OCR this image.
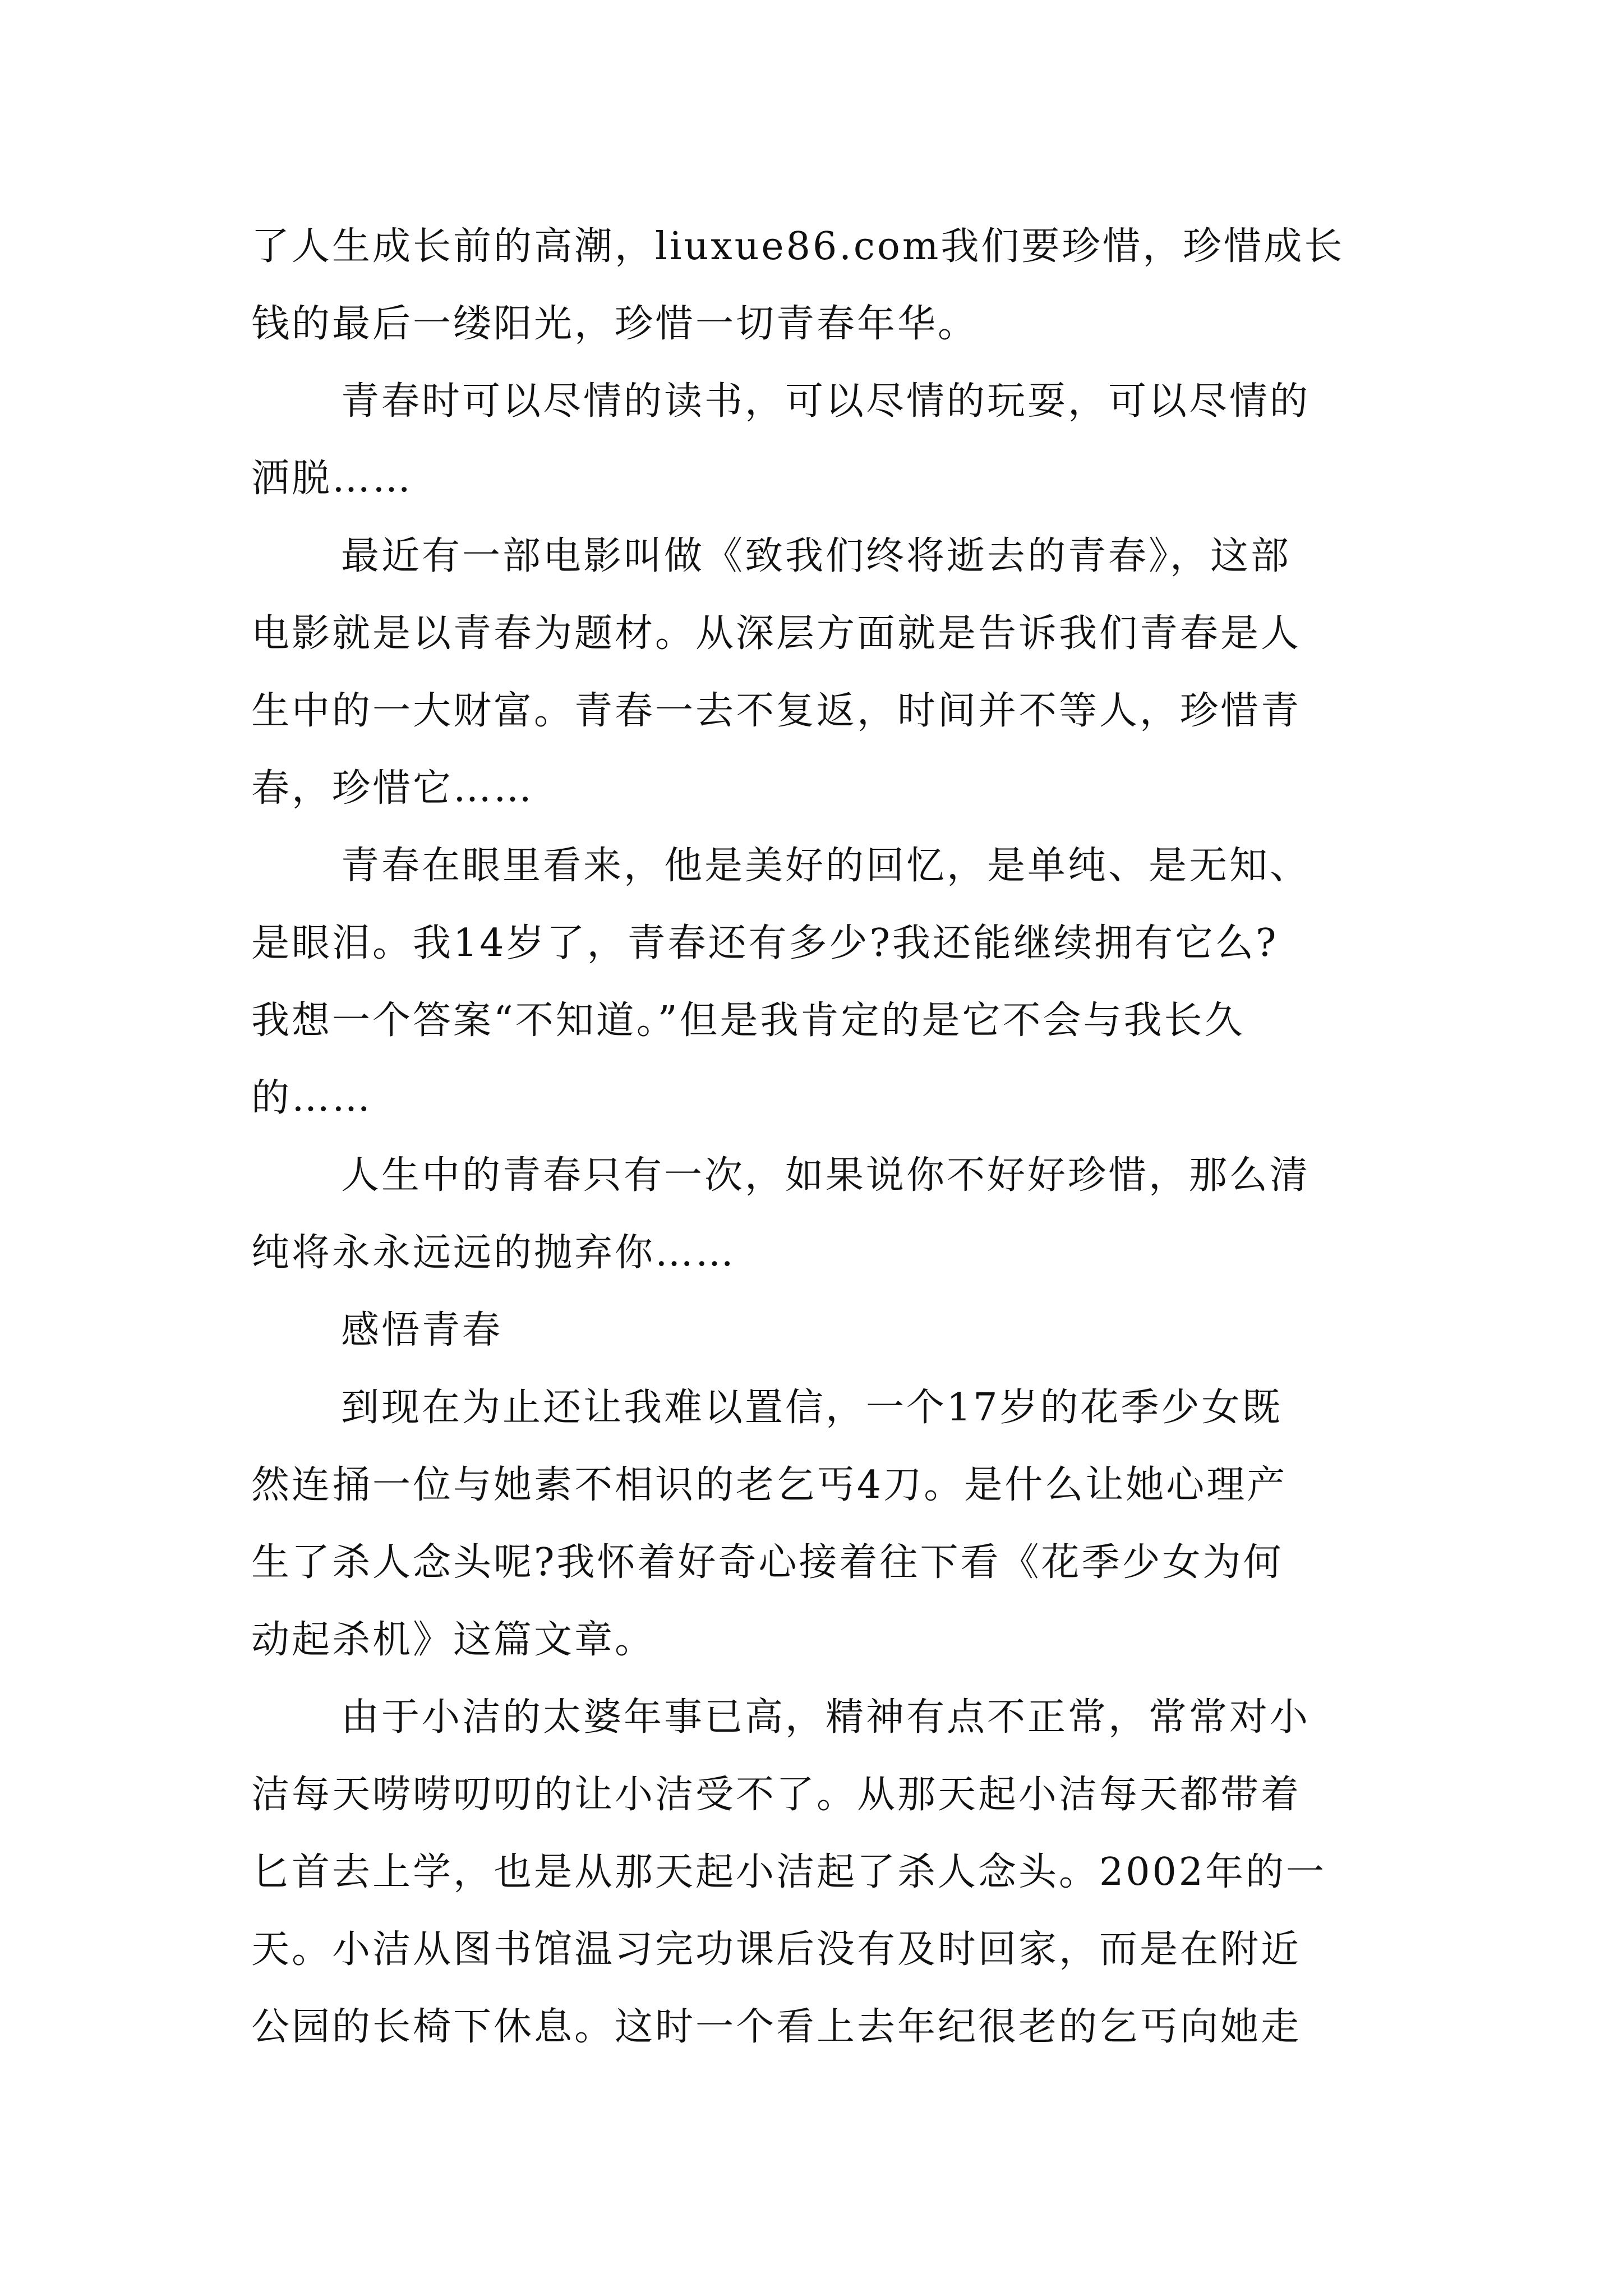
了人生成长前的高潮，liuxue86.com我们要珍惜，珍惜成长
钱的最后一缕阳光，珍惜一切青春年华。
青春时可以尽情的读书，可以尽情的玩耍，可以尽情的
洒脱……
最近有一部电影叫做《致我们终将逝去的青春》，这部
电影就是以青春为题材。从深层方面就是告诉我们青春是人
生中的一大财富。青春一去不复返，时间并不等人，珍惜青
春，珍惜它……
青春在眼里看来，他是美好的回忆，是单纯、是无知、
是眼泪。我14岁了，青春还有多少?我还能继续拥有它么?
我想一个答案“不知道。”但是我肯定的是它不会与我长久
的……
人生中的青春只有一次，如果说你不好好珍惜，那么清
纯将永永远远的抛弃你……
感悟青春
到现在为止还让我难以置信，一个17岁的花季少女既
然连捅一位与她素不相识的老乞丐4刀。是什么让她心理产
生了杀人念头呢?我怀着好奇心接着往下看《花季少女为何
动起杀机》这篇文章。
由于小洁的太婆年事已高，精神有点不正常，常常对小
洁每天唠唠叨叨的让小洁受不了。从那天起小洁每天都带着
匕首去上学，也是从那天起小洁起了杀人念头。2002年的一
天。小洁从图书馆温习完功课后没有及时回家，而是在附近
公园的长椅下休息。这时一个看上去年纪很老的乞丐向她走
